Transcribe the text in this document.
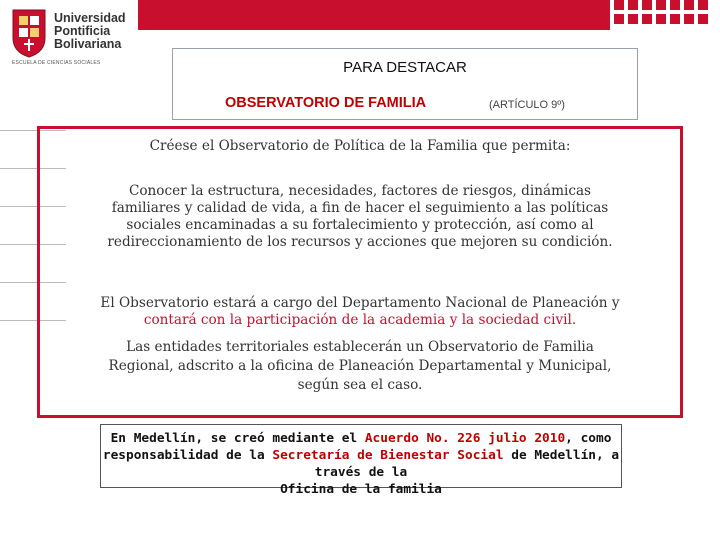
Universidad
Pontificia
Bolivariana
ESCUELA DE CIENCIAS SOCIALES	PARA DESTACAR
OBSERVATORIO DE FAMILIA	(ARTÍCULO 9º)

Créese el Observatorio de Política de la Familia que permita:

Conocer la estructura, necesidades, factores de riesgos, dinámicas
familiares y calidad de vida, a fin de hacer el seguimiento a las políticas
sociales encaminadas a su fortalecimiento y protección, así como al
redireccionamiento de los recursos y acciones que mejoren su condición.
El Observatorio estará a cargo del Departamento Nacional de Planeación y
contará con la participación de la academia y la sociedad civil.
Las entidades territoriales establecerán un Observatorio de Familia
Regional, adscrito a la oficina de Planeación Departamental y Municipal,
según sea el caso.
En Medellín, se creó mediante el Acuerdo No. 226 julio 2010, como
responsabilidad de la Secretaría de Bienestar Social de Medellín, a través de la
Oficina de la familia
